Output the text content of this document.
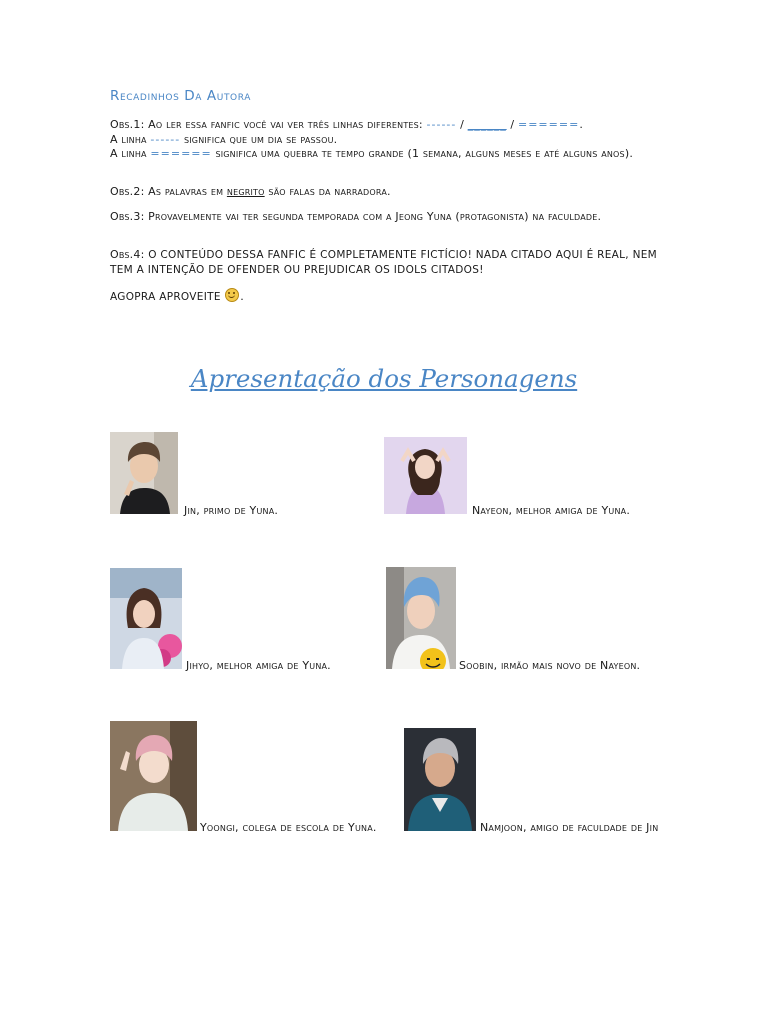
Recadinhos Da Autora
Obs.1: Ao ler essa fanfic você vai ver três linhas diferentes: ------ / ______ / ======.
A linha ------ significa que um dia se passou.
A linha ====== significa uma quebra te tempo grande (1 semana, alguns meses e até alguns anos).
Obs.2: As palavras em negrito são falas da narradora.
Obs.3: Provavelmente vai ter segunda temporada com a Jeong Yuna (protagonista) na faculdade.
Obs.4: O CONTEÚDO DESSA FANFIC É COMPLETAMENTE FICTÍCIO! NADA CITADO AQUI É REAL, NEM TEM A INTENÇÃO DE OFENDER OU PREJUDICAR OS IDOLS CITADOS!
AGOPRA APROVEITE .
Apresentação dos Personagens
Jin, primo de Yuna.	Nayeon, melhor amiga de Yuna.
Jihyo, melhor amiga de Yuna.	Soobin, irmão mais novo de Nayeon.
Yoongi, colega de escola de Yuna.	Namjoon, amigo de faculdade de Jin
